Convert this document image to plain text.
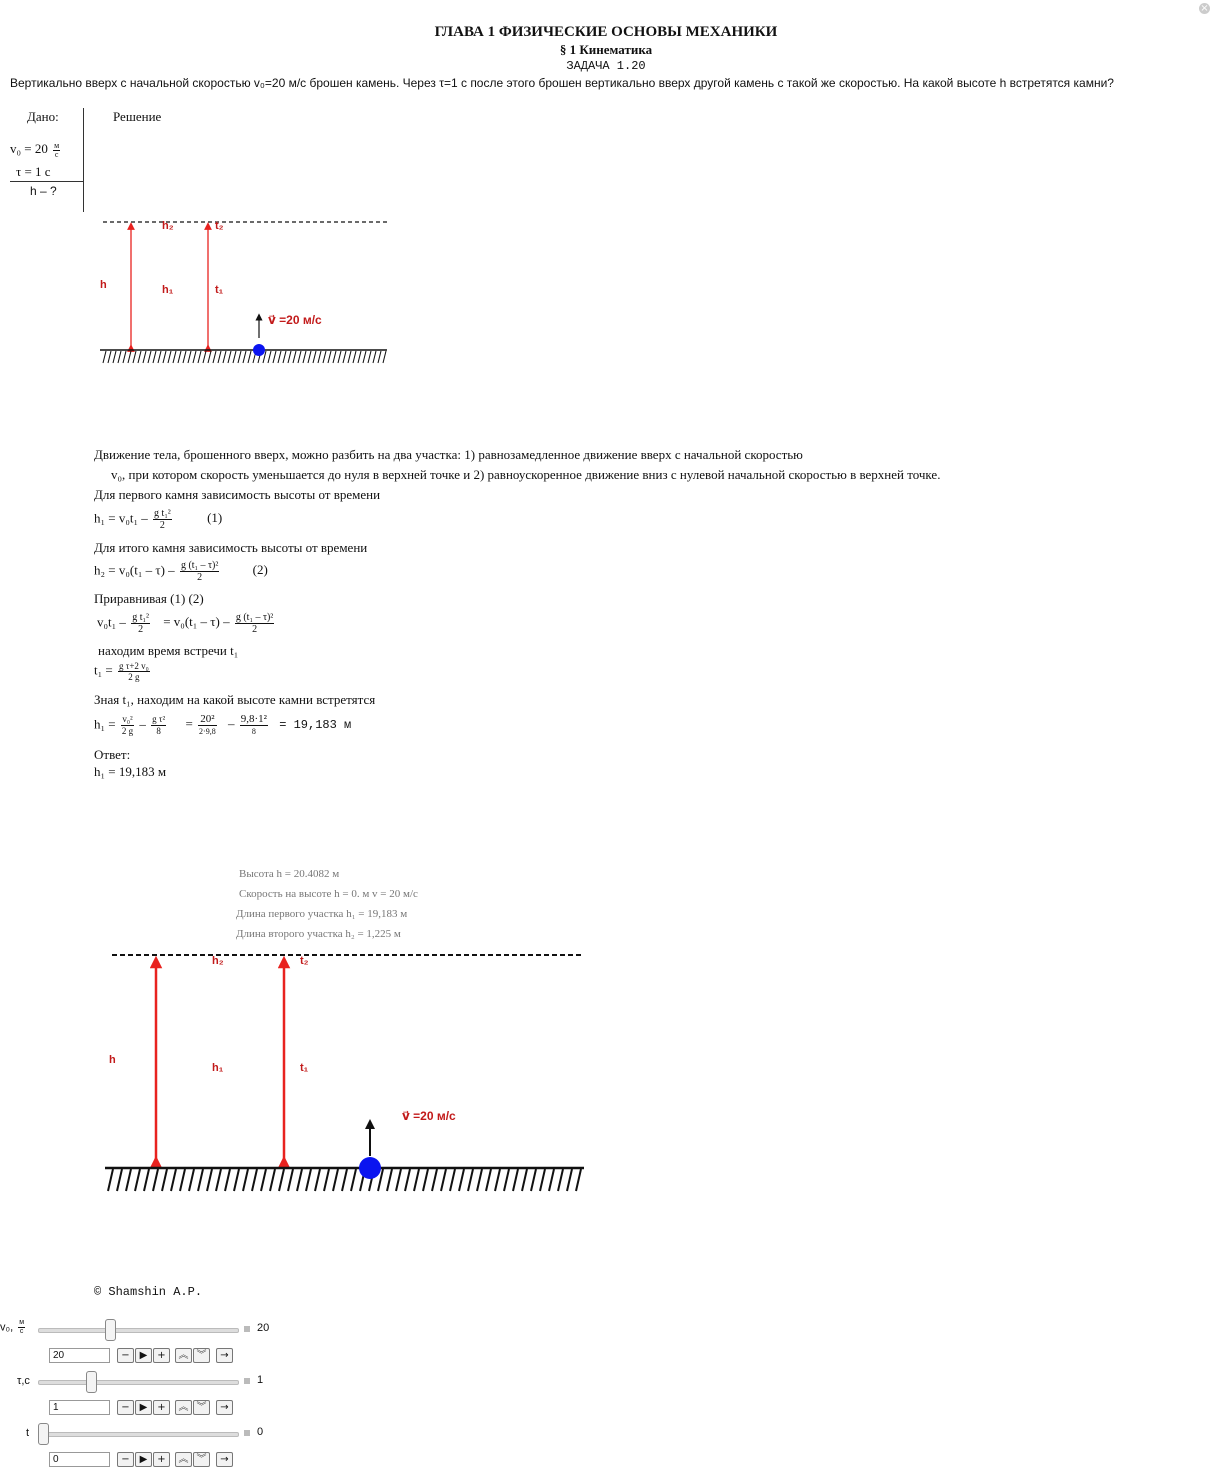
×
ГЛАВА 1 ФИЗИЧЕСКИЕ ОСНОВЫ МЕХАНИКИ
§ 1 Кинематика
ЗАДАЧА 1.20
Вертикально вверх с начальной скоростью v₀=20 м/с брошен камень. Через τ=1 с после этого брошен вертикально вверх другой камень с такой же скоростью. На какой высоте h встретятся камни?
Дано:	Решение
$v_0 = 20 \frac{м}{с}$
τ = 1 с
h – ?
h	h₁
h₂
t₁
t₂
v⃗ =20 м/с
Движение тела, брошенного вверх, можно разбить на два участка: 1) равнозамедленное движение вверх с начальной скоростью
v₀, при котором скорость уменьшается до нуля в верхней точке и 2) равноускоренное движение вниз с нулевой начальной скоростью в верхней точке.
Для первого камня зависимость высоты от времени
$h_1 = v_0t_1 - \frac{\text{g t₁²}}{2}$	(1)
Для итого камня зависимость высоты от времени
$h_2 = v_0(t_1 - \tau) - \frac{\text{g (t₁ – τ)²}}{2}$	(2)
Приравнивая (1) (2)
$v_0t_1 - \frac{\text{g t₁²}}{2} = v_0(t_1 - \tau) - \frac{\text{g (t₁ – τ)²}}{2}$
находим время встречи t₁
$t_1 = \frac{\text{g τ+2 v₀}}{2 g}$
Зная t₁, находим на какой высоте камни встретятся
$h_1 = \frac{\text{v₀²}}{2 g} - \frac{\text{g τ²}}{8} = \frac{\text{20²}}{2\cdot 9,8} - \frac{\text{9,8·1²}}{8} = 19,183$ м
Ответ:
h₁ = 19,183 м
Высота h = 20.4082 м
Скорость на высоте h = 0. м v = 20 м/с
Длина первого участка h₁ = 19,183 м
Длина второго участка h₂ = 1,225 м
h
h₁
h₂
t₁
t₂
v⃗ =20 м/с
© Shamshin A.P.
v₀, $\frac{м}{с}$	20
20	− ▶ +	︽ ︾	→
τ,с	1
1	− ▶ +	︽ ︾	→
t	0
0	− ▶ +	︽ ︾	→
